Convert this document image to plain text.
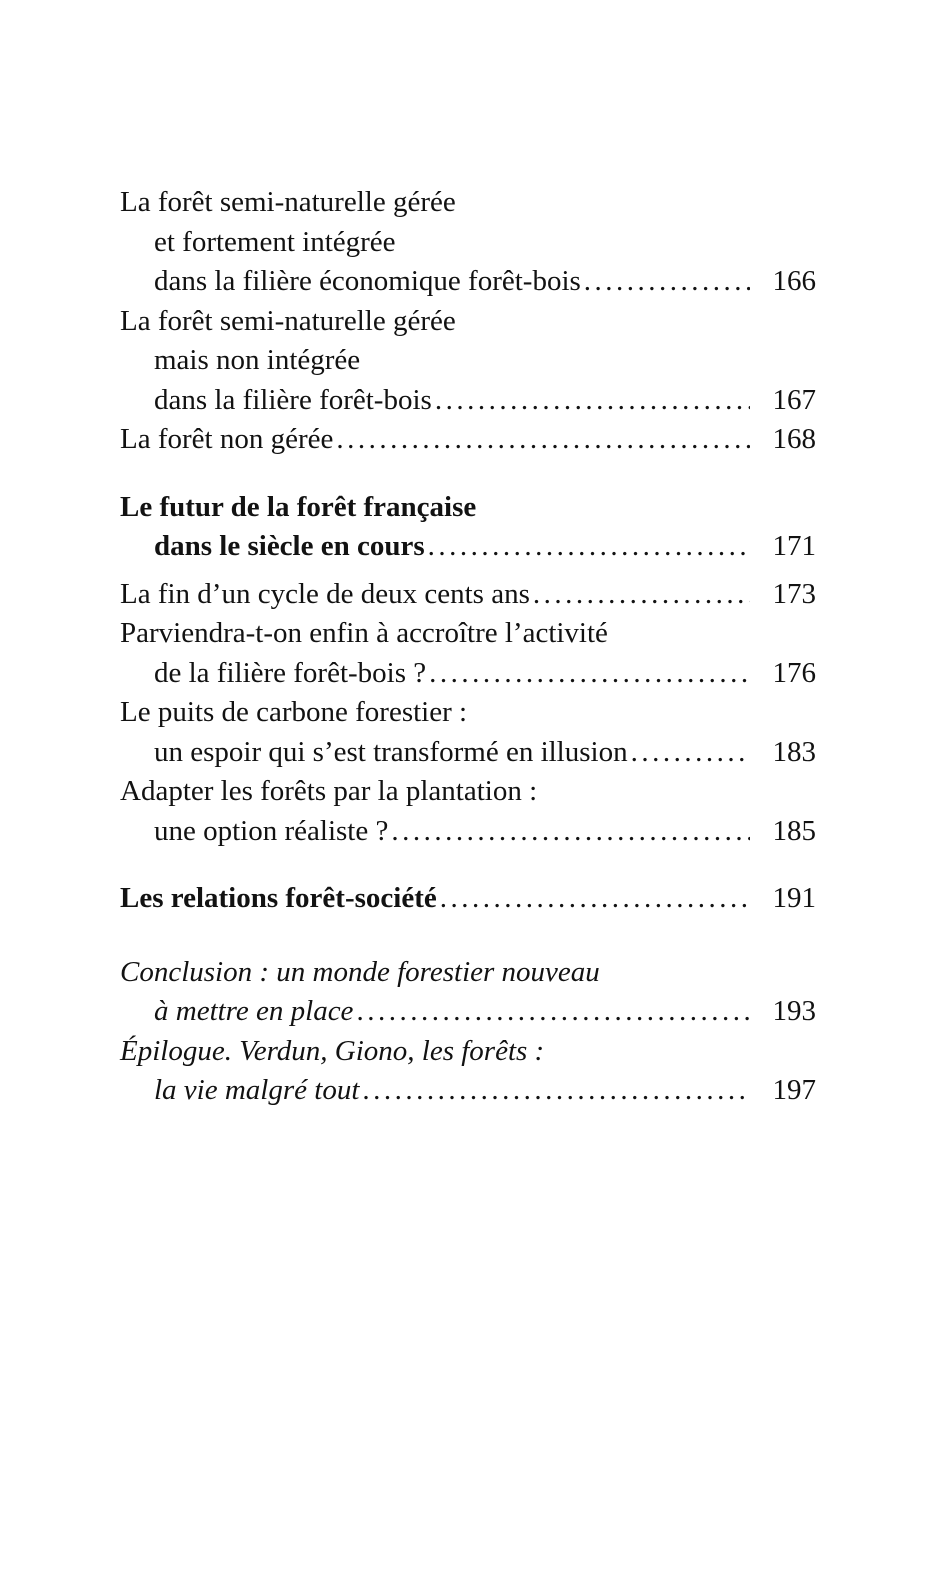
La forêt semi-naturelle gérée
et fortement intégrée
dans la filière économique forêt-bois .....	166
La forêt semi-naturelle gérée
mais non intégrée
dans la filière forêt-bois .....	167
La forêt non gérée .....	168
Le futur de la forêt française
dans le siècle en cours .....	171
La fin d’un cycle de deux cents ans .....	173
Parviendra-t-on enfin à accroître l’activité
de la filière forêt-bois ? .....	176
Le puits de carbone forestier :
un espoir qui s’est transformé en illusion .....	183
Adapter les forêts par la plantation :
une option réaliste ? .....	185
Les relations forêt-société .....	191
Conclusion : un monde forestier nouveau
à mettre en place .....	193
Épilogue. Verdun, Giono, les forêts :
la vie malgré tout .....	197
